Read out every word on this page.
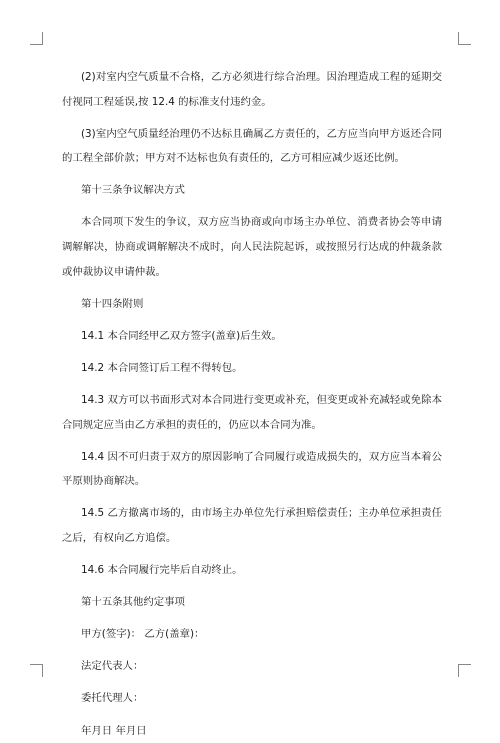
(2)对室内空气质量不合格，乙方必须进行综合治理。因治理造成工程的延期交付视同工程延误,按 12.4 的标准支付违约金。

(3)室内空气质量经治理仍不达标且确属乙方责任的，乙方应当向甲方返还合同的工程全部价款；甲方对不达标也负有责任的，乙方可相应减少返还比例。

第十三条争议解决方式

本合同项下发生的争议，双方应当协商或向市场主办单位、消费者协会等申请调解解决，协商或调解解决不成时，向人民法院起诉，或按照另行达成的仲裁条款或仲裁协议申请仲裁。

第十四条附则

14.1 本合同经甲乙双方签字(盖章)后生效。

14.2 本合同签订后工程不得转包。

14.3 双方可以书面形式对本合同进行变更或补充，但变更或补充减轻或免除本合同规定应当由乙方承担的责任的，仍应以本合同为准。

14.4 因不可归责于双方的原因影响了合同履行或造成损失的，双方应当本着公平原则协商解决。

14.5 乙方撤离市场的，由市场主办单位先行承担赔偿责任；主办单位承担责任之后，有权向乙方追偿。

14.6 本合同履行完毕后自动终止。

第十五条其他约定事项

甲方(签字)： 乙方(盖章)：

法定代表人：

委托代理人：

年月日 年月日
